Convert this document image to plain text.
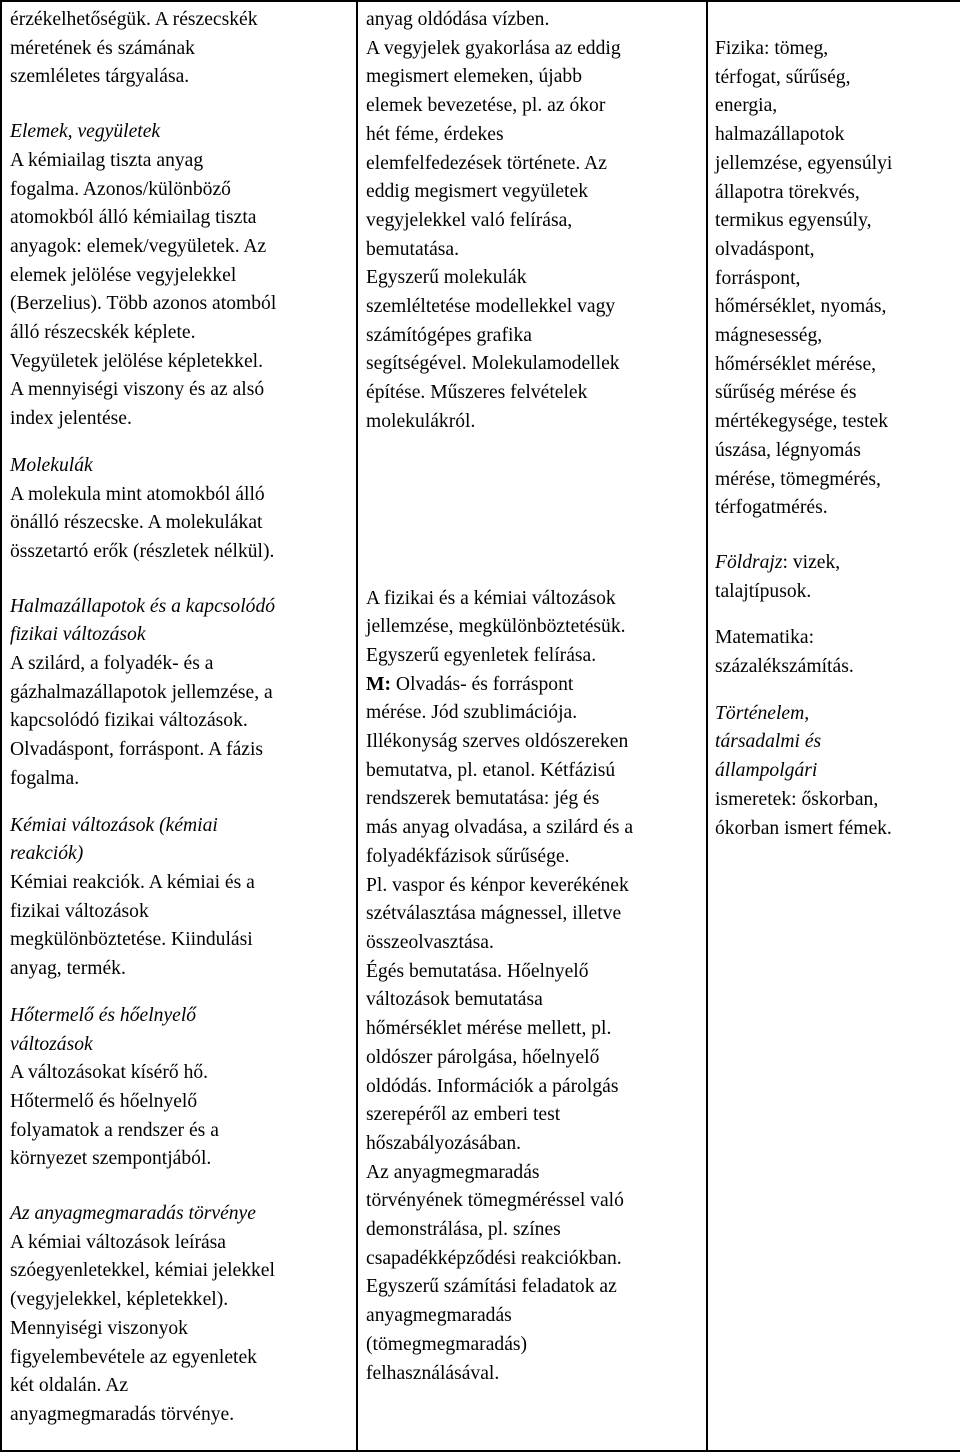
érzékelhetőségük. A részecskék
méretének és számának
szemléletes tárgyalása.
Elemek, vegyületek
A kémiailag tiszta anyag
fogalma. Azonos/különböző
atomokból álló kémiailag tiszta
anyagok: elemek/vegyületek. Az
elemek jelölése vegyjelekkel
(Berzelius). Több azonos atomból
álló részecskék képlete.
Vegyületek jelölése képletekkel.
A mennyiségi viszony és az alsó
index jelentése.
Molekulák
A molekula mint atomokból álló
önálló részecske. A molekulákat
összetartó erők (részletek nélkül).
Halmazállapotok és a kapcsolódó
fizikai változások
A szilárd, a folyadék- és a
gázhalmazállapotok jellemzése, a
kapcsolódó fizikai változások.
Olvadáspont, forráspont. A fázis
fogalma.
Kémiai változások (kémiai
reakciók)
Kémiai reakciók. A kémiai és a
fizikai változások
megkülönböztetése. Kiindulási
anyag, termék.
Hőtermelő és hőelnyelő
változások
A változásokat kísérő hő.
Hőtermelő és hőelnyelő
folyamatok a rendszer és a
környezet szempontjából.
Az anyagmegmaradás törvénye
A kémiai változások leírása
szóegyenletekkel, kémiai jelekkel
(vegyjelekkel, képletekkel).
Mennyiségi viszonyok
figyelembevétele az egyenletek
két oldalán. Az
anyagmegmaradás törvénye.

anyag oldódása vízben.
A vegyjelek gyakorlása az eddig
megismert elemeken, újabb
elemek bevezetése, pl. az ókor
hét féme, érdekes
elemfelfedezések története. Az
eddig megismert vegyületek
vegyjelekkel való felírása,
bemutatása.
Egyszerű molekulák
szemléltetése modellekkel vagy
számítógépes grafika
segítségével. Molekulamodellek
építése. Műszeres felvételek
molekulákról.
A fizikai és a kémiai változások
jellemzése, megkülönböztetésük.
Egyszerű egyenletek felírása.
M: Olvadás- és forráspont
mérése. Jód szublimációja.
Illékonyság szerves oldószereken
bemutatva, pl. etanol. Kétfázisú
rendszerek bemutatása: jég és
más anyag olvadása, a szilárd és a
folyadékfázisok sűrűsége.
Pl. vaspor és kénpor keverékének
szétválasztása mágnessel, illetve
összeolvasztása.
Égés bemutatása. Hőelnyelő
változások bemutatása
hőmérséklet mérése mellett, pl.
oldószer párolgása, hőelnyelő
oldódás. Információk a párolgás
szerepéről az emberi test
hőszabályozásában.
Az anyagmegmaradás
törvényének tömegméréssel való
demonstrálása, pl. színes
csapadékképződési reakciókban.
Egyszerű számítási feladatok az
anyagmegmaradás
(tömegmegmaradás)
felhasználásával.

Fizika: tömeg,
térfogat, sűrűség,
energia,
halmazállapotok
jellemzése, egyensúlyi
állapotra törekvés,
termikus egyensúly,
olvadáspont,
forráspont,
hőmérséklet, nyomás,
mágnesesség,
hőmérséklet mérése,
sűrűség mérése és
mértékegysége, testek
úszása, légnyomás
mérése, tömegmérés,
térfogatmérés.
Földrajz: vizek,
talajtípusok.
Matematika:
százalékszámítás.
Történelem,
társadalmi és
állampolgári
ismeretek: őskorban,
ókorban ismert fémek.
